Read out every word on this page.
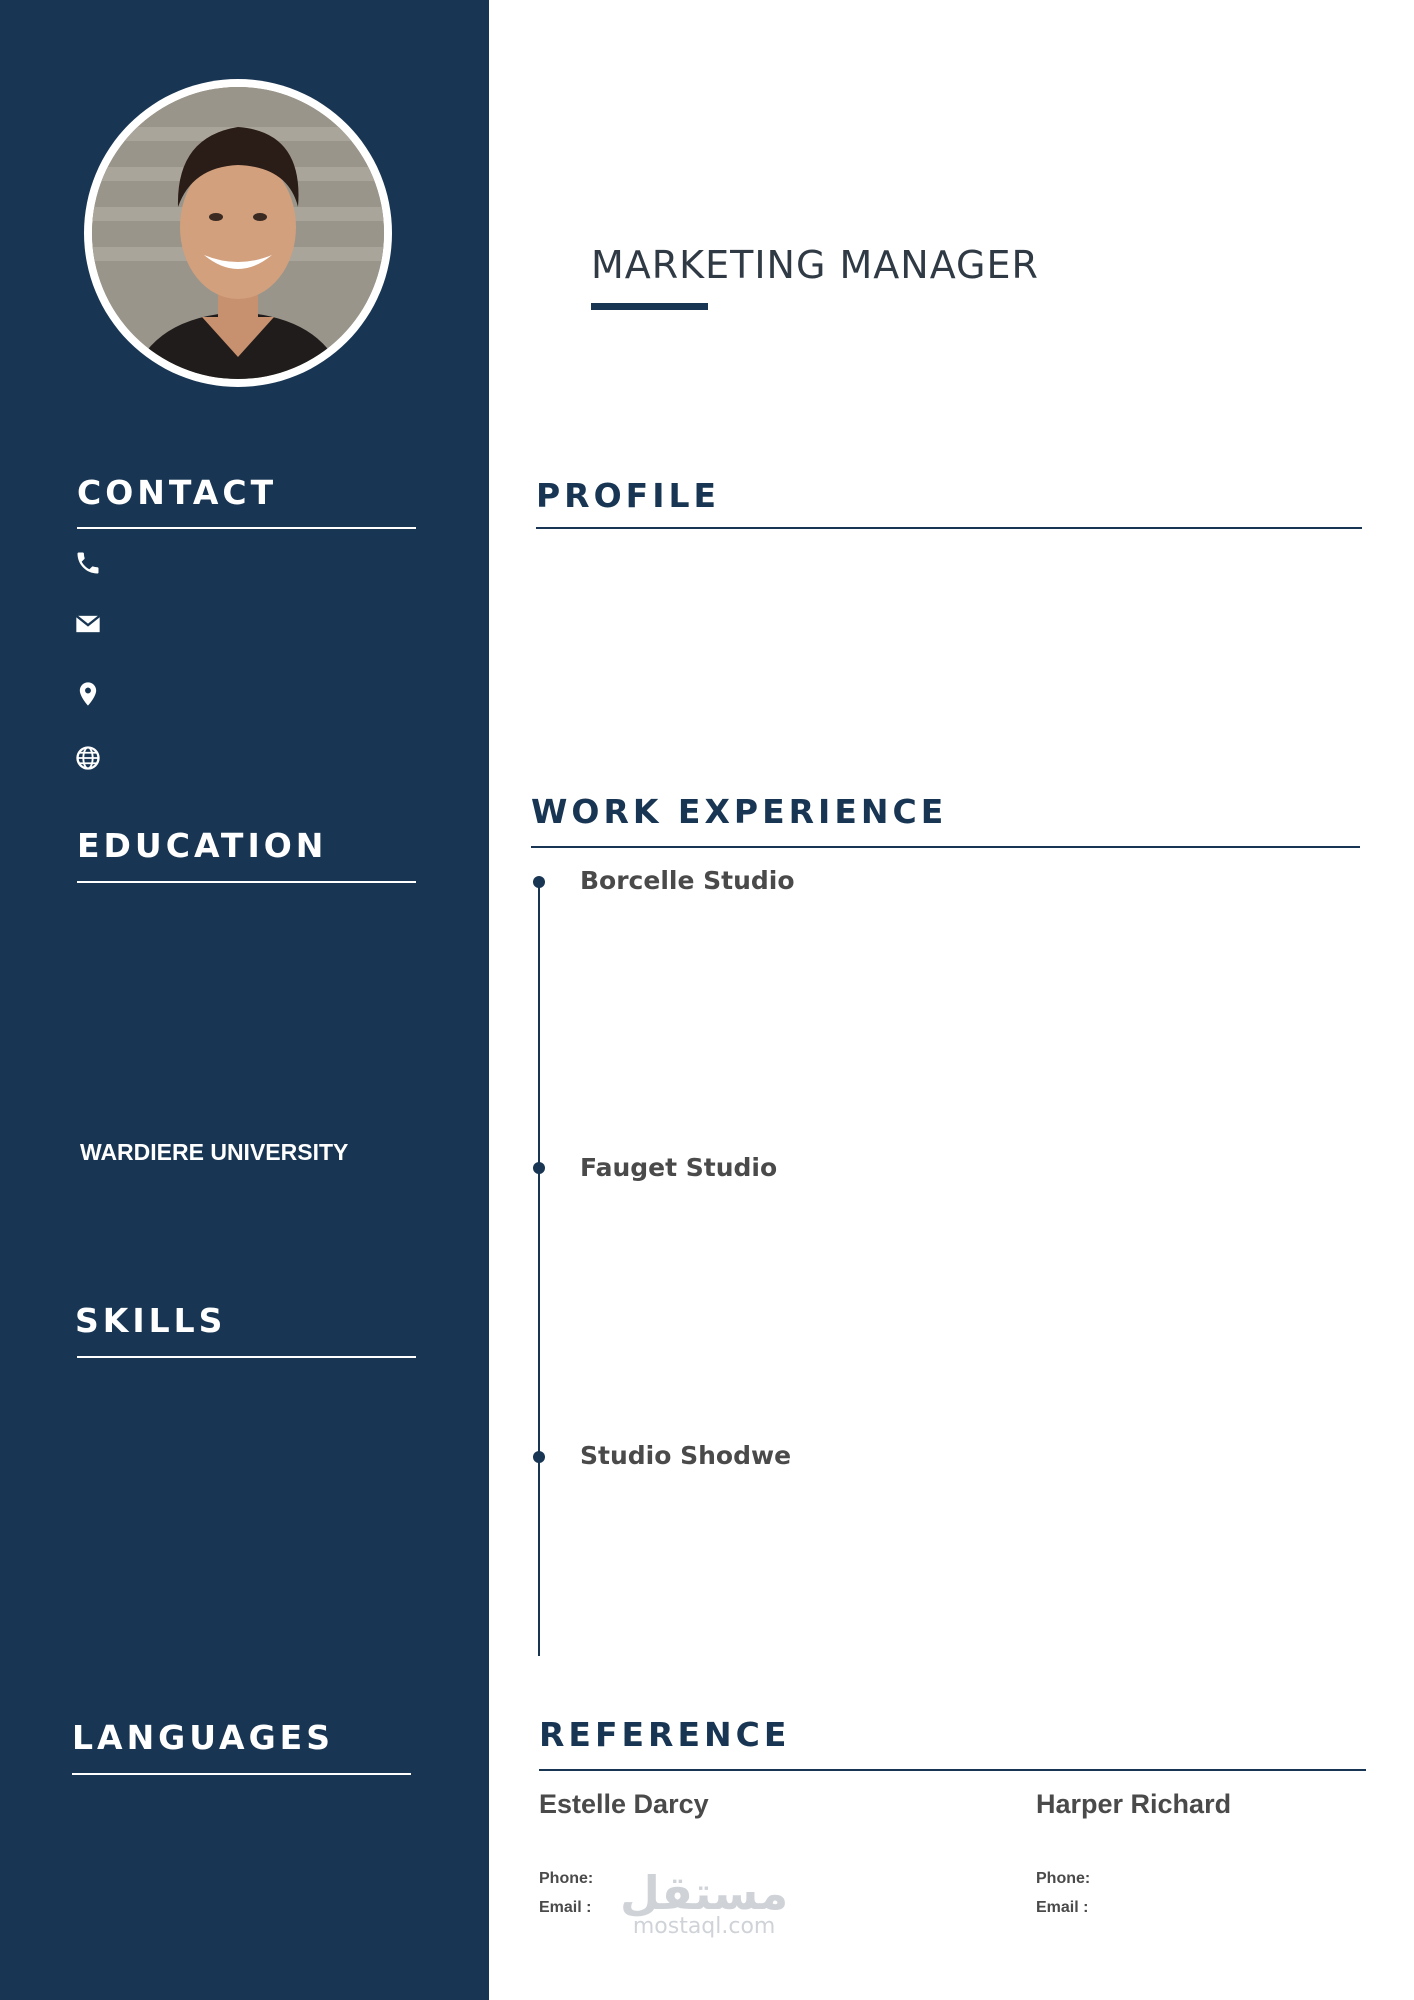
CONTACT
EDUCATION
WARDIERE UNIVERSITY
SKILLS
LANGUAGES
MARKETING MANAGER
PROFILE
WORK EXPERIENCE
Borcelle Studio
Fauget Studio
Studio Shodwe
REFERENCE
Estelle Darcy
Phone:
Email :
Harper Richard
Phone:
Email :
مستقل
mostaql.com
